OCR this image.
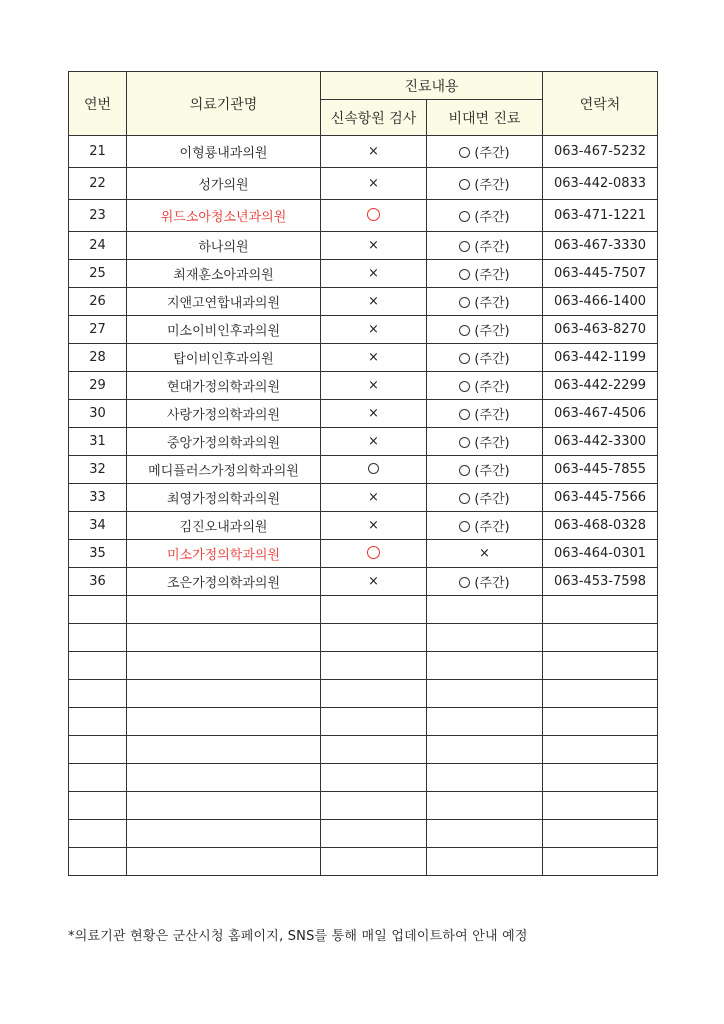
연번	의료기관명	진료내용		연락처
		신속항원 검사	비대면 진료	
21	이형룡내과의원	×	(주간)	063-467-5232
22	성가의원	×	(주간)	063-442-0833
23	위드소아청소년과의원		(주간)	063-471-1221
24	하나의원	×	(주간)	063-467-3330
25	최재훈소아과의원	×	(주간)	063-445-7507
26	지앤고연합내과의원	×	(주간)	063-466-1400
27	미소이비인후과의원	×	(주간)	063-463-8270
28	탑이비인후과의원	×	(주간)	063-442-1199
29	현대가정의학과의원	×	(주간)	063-442-2299
30	사랑가정의학과의원	×	(주간)	063-467-4506
31	중앙가정의학과의원	×	(주간)	063-442-3300
32	메디플러스가정의학과의원		(주간)	063-445-7855
33	최영가정의학과의원	×	(주간)	063-445-7566
34	김진오내과의원	×	(주간)	063-468-0328
35	미소가정의학과의원		×	063-464-0301
36	조은가정의학과의원	×	(주간)	063-453-7598

*의료기관 현황은 군산시청 홈페이지, SNS를 통해 매일 업데이트하여 안내 예정
